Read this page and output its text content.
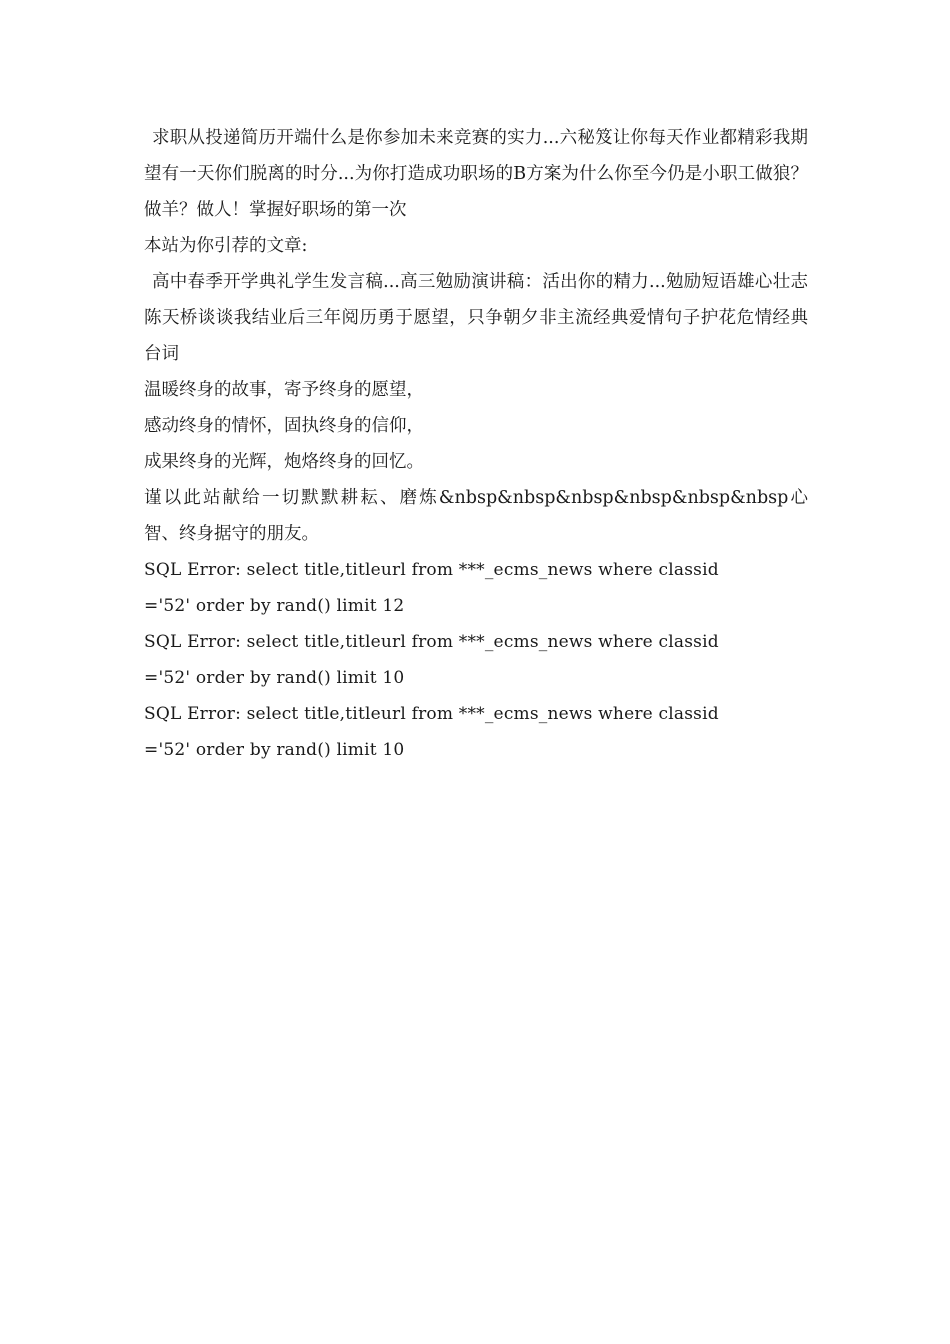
求职从投递简历开端什么是你参加未来竞赛的实力...六秘笈让你每天作业都精彩我期望有一天你们脱离的时分...为你打造成功职场的B方案为什么你至今仍是小职工做狼？做羊？做人！掌握好职场的第一次

本站为你引荐的文章:

高中春季开学典礼学生发言稿...高三勉励演讲稿：活出你的精力...勉励短语雄心壮志陈天桥谈谈我结业后三年阅历勇于愿望，只争朝夕非主流经典爱情句子护花危情经典台词

温暖终身的故事，寄予终身的愿望，

感动终身的情怀，固执终身的信仰，

成果终身的光辉，炮烙终身的回忆。

谨以此站献给一切默默耕耘、磨炼&nbsp&nbsp&nbsp&nbsp&nbsp&nbsp心智、终身据守的朋友。

SQL Error: select title,titleurl from ***_ecms_news where classid
='52' order by rand() limit 12
SQL Error: select title,titleurl from ***_ecms_news where classid
='52' order by rand() limit 10
SQL Error: select title,titleurl from ***_ecms_news where classid
='52' order by rand() limit 10
